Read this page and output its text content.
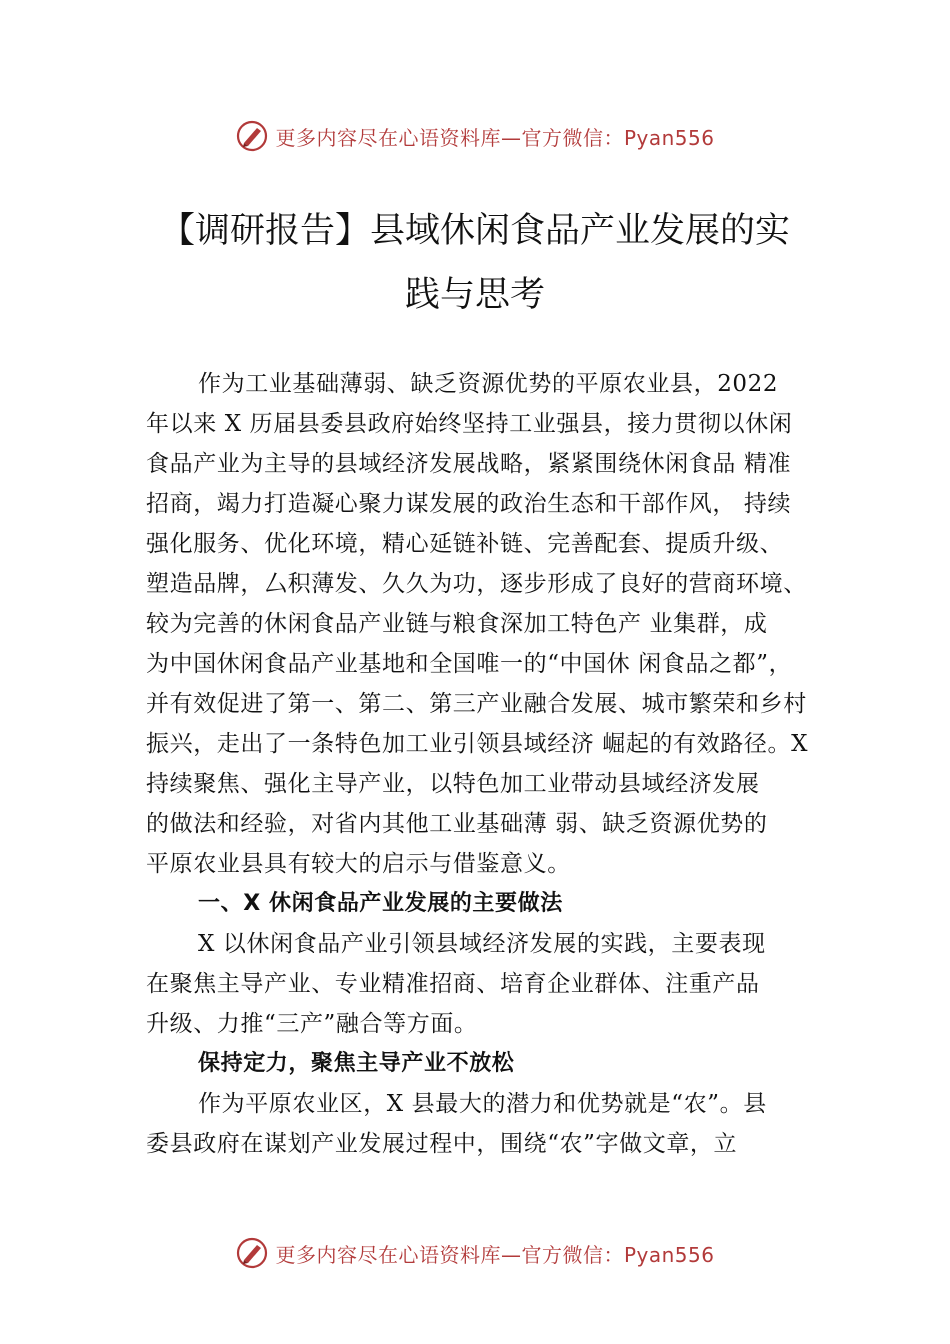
更多内容尽在心语资料库—官方微信：Pyan556
【调研报告】县域休闲食品产业发展的实
践与思考
作为工业基础薄弱、缺乏资源优势的平原农业县，2022
年以来 X 历届县委县政府始终坚持工业强县，接力贯彻以休闲
食品产业为主导的县域经济发展战略，紧紧围绕休闲食品 精准
招商，竭力打造凝心聚力谋发展的政治生态和干部作风， 持续
强化服务、优化环境，精心延链补链、完善配套、提质升级、
塑造品牌，厶积薄发、久久为功，逐步形成了良好的营商环境、
较为完善的休闲食品产业链与粮食深加工特色产 业集群，成
为中国休闲食品产业基地和全国唯一的“中国休 闲食品之都”，
并有效促进了第一、第二、第三产业融合发展、城市繁荣和乡村
振兴，走出了一条特色加工业引领县域经济 崛起的有效路径。X
持续聚焦、强化主导产业，以特色加工业带动县域经济发展
的做法和经验，对省内其他工业基础薄 弱、缺乏资源优势的
平原农业县具有较大的启示与借鉴意义。
一、X 休闲食品产业发展的主要做法
X 以休闲食品产业引领县域经济发展的实践，主要表现
在聚焦主导产业、专业精准招商、培育企业群体、注重产品
升级、力推“三产”融合等方面。
保持定力，聚焦主导产业不放松
作为平原农业区，X 县最大的潜力和优势就是“农”。县
委县政府在谋划产业发展过程中，围绕“农”字做文章，立
更多内容尽在心语资料库—官方微信：Pyan556
